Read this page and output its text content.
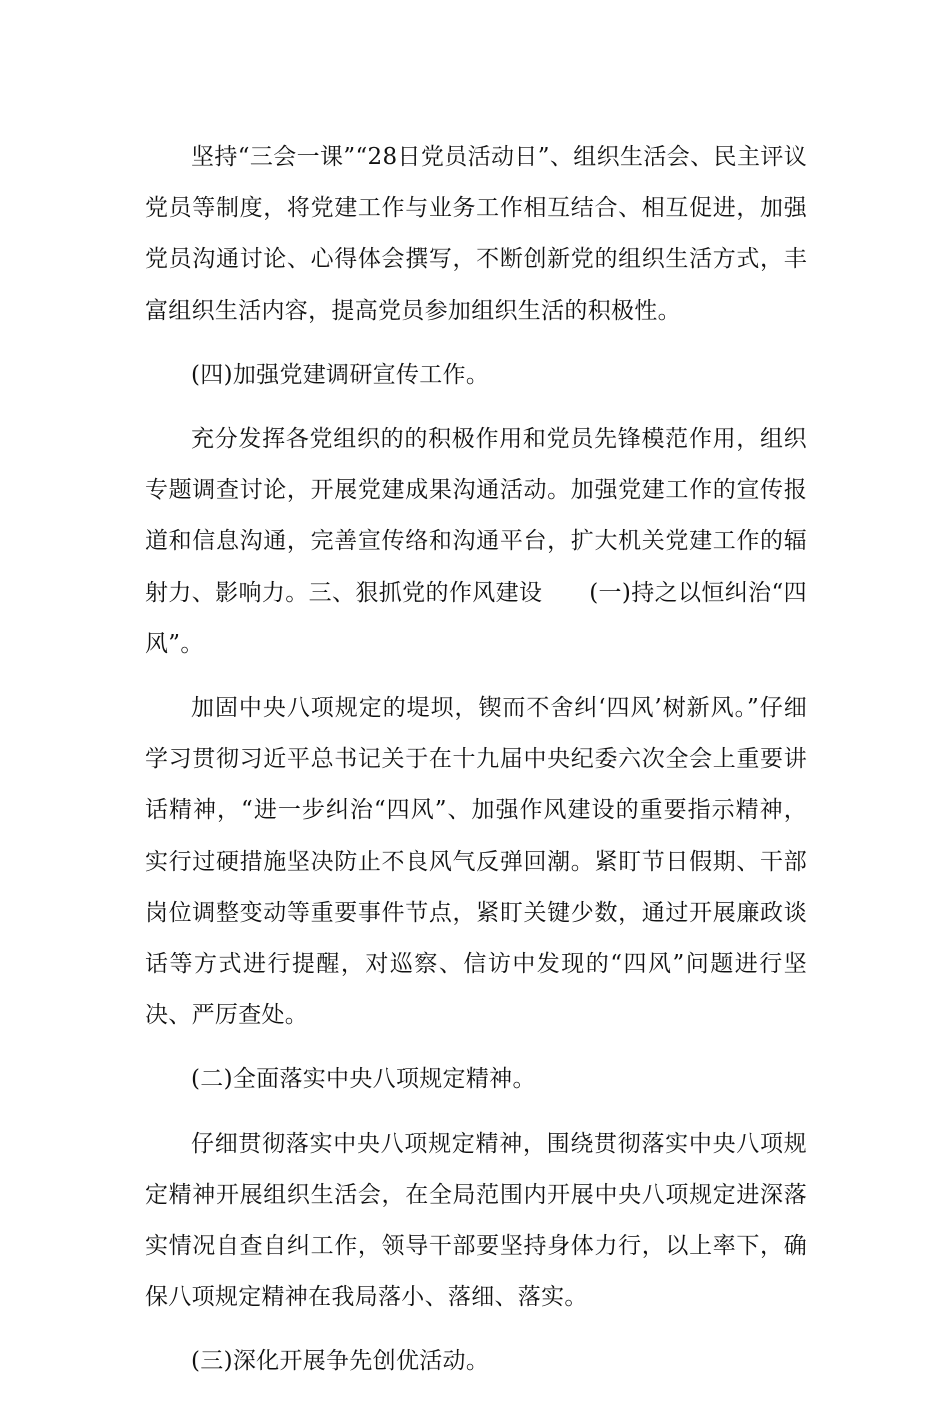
坚持“三会一课”“28日党员活动日”、组织生活会、民主评议党员等制度，将党建工作与业务工作相互结合、相互促进，加强党员沟通讨论、心得体会撰写，不断创新党的组织生活方式，丰富组织生活内容，提高党员参加组织生活的积极性。

(四)加强党建调研宣传工作。

充分发挥各党组织的的积极作用和党员先锋模范作用，组织专题调查讨论，开展党建成果沟通活动。加强党建工作的宣传报道和信息沟通，完善宣传络和沟通平台，扩大机关党建工作的辐射力、影响力。三、狠抓党的作风建设　　(一)持之以恒纠治“四风”。

加固中央八项规定的堤坝，锲而不舍纠‘四风’树新风。”仔细学习贯彻习近平总书记关于在十九届中央纪委六次全会上重要讲话精神，“进一步纠治“四风”、加强作风建设的重要指示精神，实行过硬措施坚决防止不良风气反弹回潮。紧盯节日假期、干部岗位调整变动等重要事件节点，紧盯关键少数，通过开展廉政谈话等方式进行提醒，对巡察、信访中发现的“四风”问题进行坚决、严厉查处。

(二)全面落实中央八项规定精神。

仔细贯彻落实中央八项规定精神，围绕贯彻落实中央八项规定精神开展组织生活会，在全局范围内开展中央八项规定进深落实情况自查自纠工作，领导干部要坚持身体力行，以上率下，确保八项规定精神在我局落小、落细、落实。

(三)深化开展争先创优活动。
